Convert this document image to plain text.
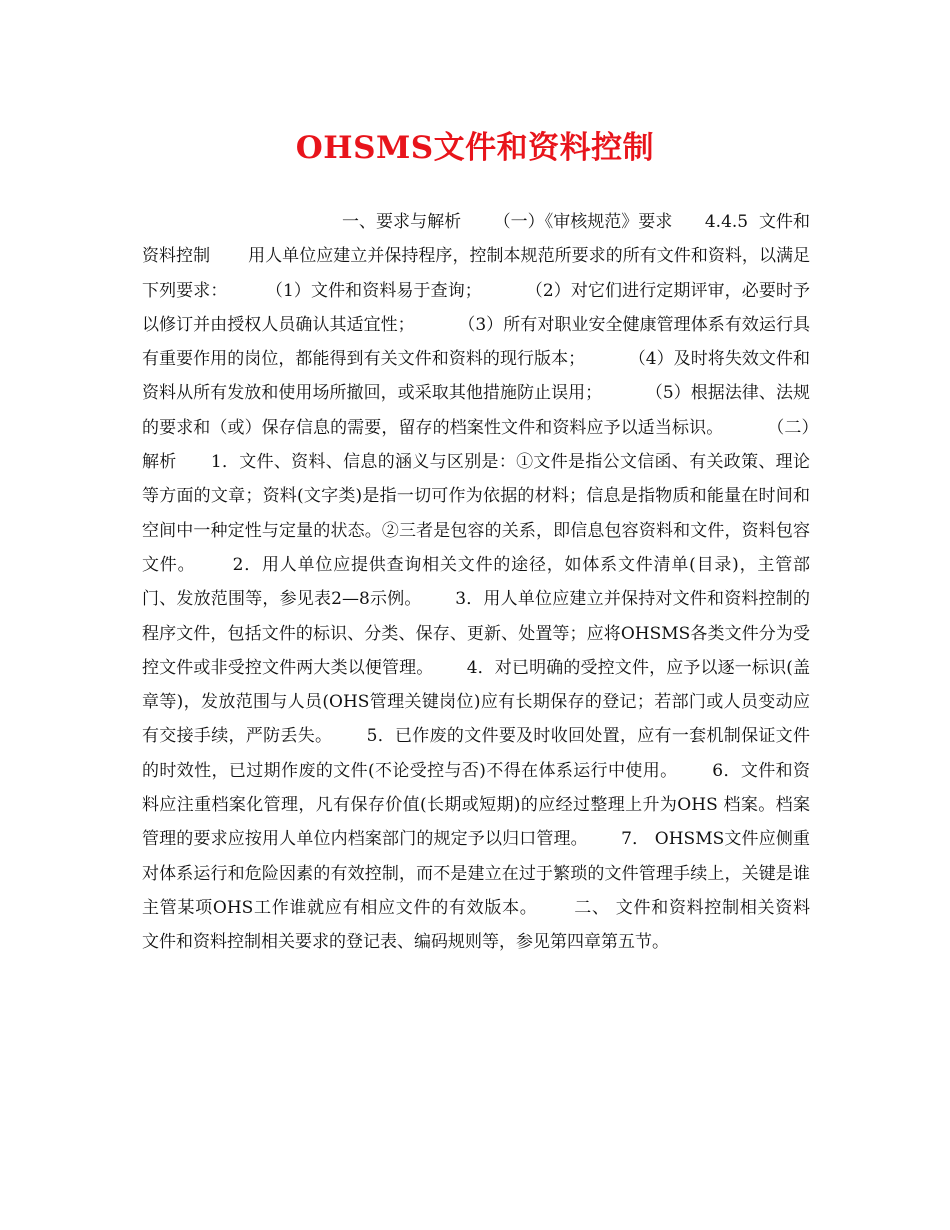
OHSMS文件和资料控制

一、要求与解析      （一）《审核规范》要求      4.4.5  文件和资料控制       用人单位应建立并保持程序，控制本规范所要求的所有文件和资料，以满足下列要求：       （1）文件和资料易于查询；        （2）对它们进行定期评审，必要时予以修订并由授权人员确认其适宜性；        （3）所有对职业安全健康管理体系有效运行具有重要作用的岗位，都能得到有关文件和资料的现行版本；        （4）及时将失效文件和资料从所有发放和使用场所撤回，或采取其他措施防止误用；        （5）根据法律、法规的要求和（或）保存信息的需要，留存的档案性文件和资料应予以适当标识。        （二）解析      1．文件、资料、信息的涵义与区别是：①文件是指公文信函、有关政策、理论等方面的文章；资料(文字类)是指一切可作为依据的材料；信息是指物质和能量在时间和空间中一种定性与定量的状态。②三者是包容的关系，即信息包容资料和文件，资料包容文件。      2．用人单位应提供查询相关文件的途径，如体系文件清单(目录)，主管部门、发放范围等，参见表2—8示例。      3．用人单位应建立并保持对文件和资料控制的程序文件，包括文件的标识、分类、保存、更新、处置等；应将OHSMS各类文件分为受控文件或非受控文件两大类以便管理。      4．对已明确的受控文件，应予以逐一标识(盖章等)，发放范围与人员(OHS管理关键岗位)应有长期保存的登记；若部门或人员变动应有交接手续，严防丢失。      5．已作废的文件要及时收回处置，应有一套机制保证文件的时效性，已过期作废的文件(不论受控与否)不得在体系运行中使用。      6．文件和资料应注重档案化管理，凡有保存价值(长期或短期)的应经过整理上升为OHS 档案。档案管理的要求应按用人单位内档案部门的规定予以归口管理。      7． OHSMS文件应侧重对体系运行和危险因素的有效控制，而不是建立在过于繁琐的文件管理手续上，关键是谁主管某项OHS工作谁就应有相应文件的有效版本。      二、 文件和资料控制相关资料      文件和资料控制相关要求的登记表、编码规则等，参见第四章第五节。
